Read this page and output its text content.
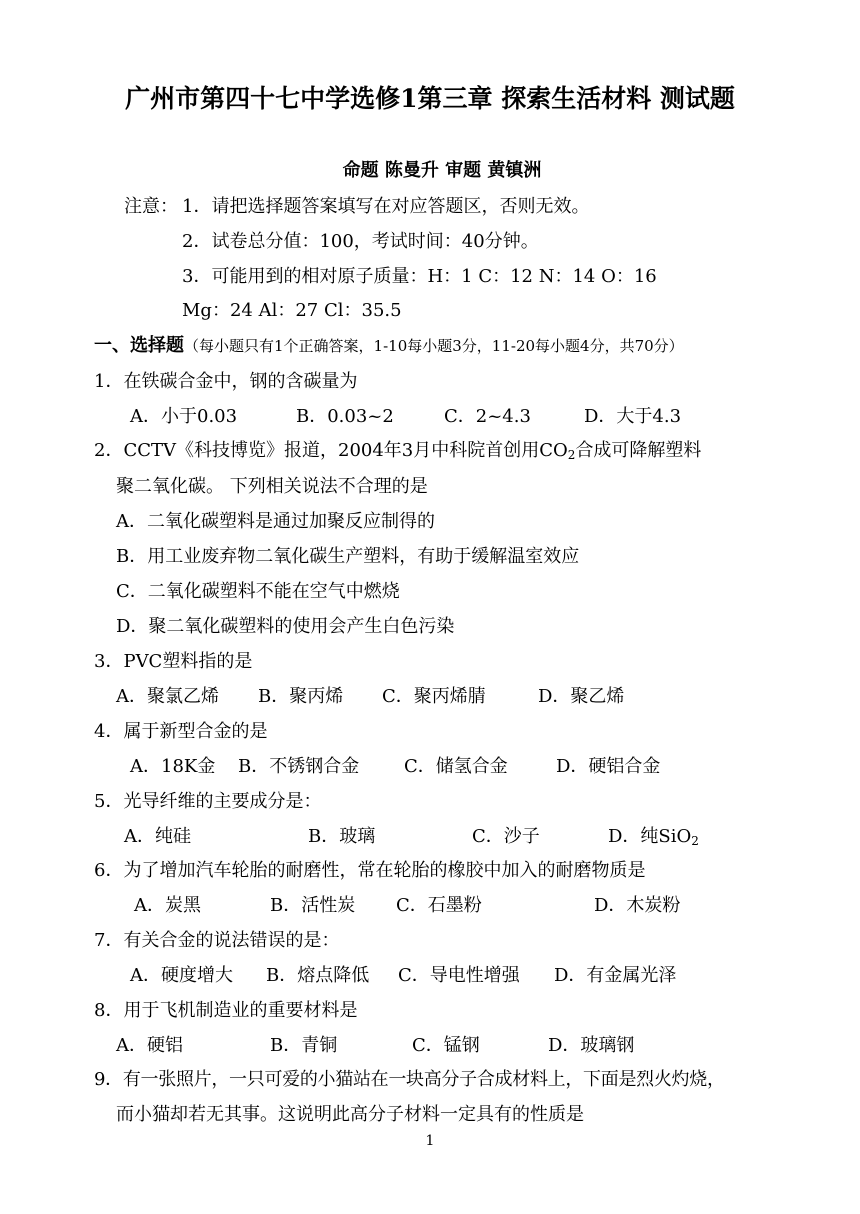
广州市第四十七中学选修1第三章 探索生活材料 测试题
命题 陈曼升 审题 黄镇洲
注意： 1．请把选择题答案填写在对应答题区，否则无效。
2．试卷总分值：100，考试时间：40分钟。
3．可能用到的相对原子质量：H：1 C：12 N：14 O：16
Mg：24 Al：27 Cl：35.5
一、选择题（每小题只有1个正确答案，1-10每小题3分，11-20每小题4分，共70分）
1．在铁碳合金中，钢的含碳量为
A．小于0.03	B．0.03~2	C．2~4.3	D．大于4.3
2．CCTV《科技博览》报道，2004年3月中科院首创用$CO_2$合成可降解塑料
聚二氧化碳。 下列相关说法不合理的是
A．二氧化碳塑料是通过加聚反应制得的
B．用工业废弃物二氧化碳生产塑料，有助于缓解温室效应
C．二氧化碳塑料不能在空气中燃烧
D．聚二氧化碳塑料的使用会产生白色污染
3．PVC塑料指的是
A．聚氯乙烯 B．聚丙烯 C．聚丙烯腈	D．聚乙烯
4．属于新型合金的是
A．18K金 B．不锈钢合金 C．储氢合金	D．硬铝合金
5．光导纤维的主要成分是：
A．纯硅	B．玻璃	C．沙子	D．纯SiO$_2$
6．为了增加汽车轮胎的耐磨性，常在轮胎的橡胶中加入的耐磨物质是
A．炭黑	B．活性炭 C．石墨粉	D．木炭粉
7．有关合金的说法错误的是：
A．硬度增大 B．熔点降低 C．导电性增强 D．有金属光泽
8．用于飞机制造业的重要材料是
A．硬铝	B．青铜	C．锰钢	D．玻璃钢
9．有一张照片，一只可爱的小猫站在一块高分子合成材料上，下面是烈火灼烧，
而小猫却若无其事。这说明此高分子材料一定具有的性质是
1
